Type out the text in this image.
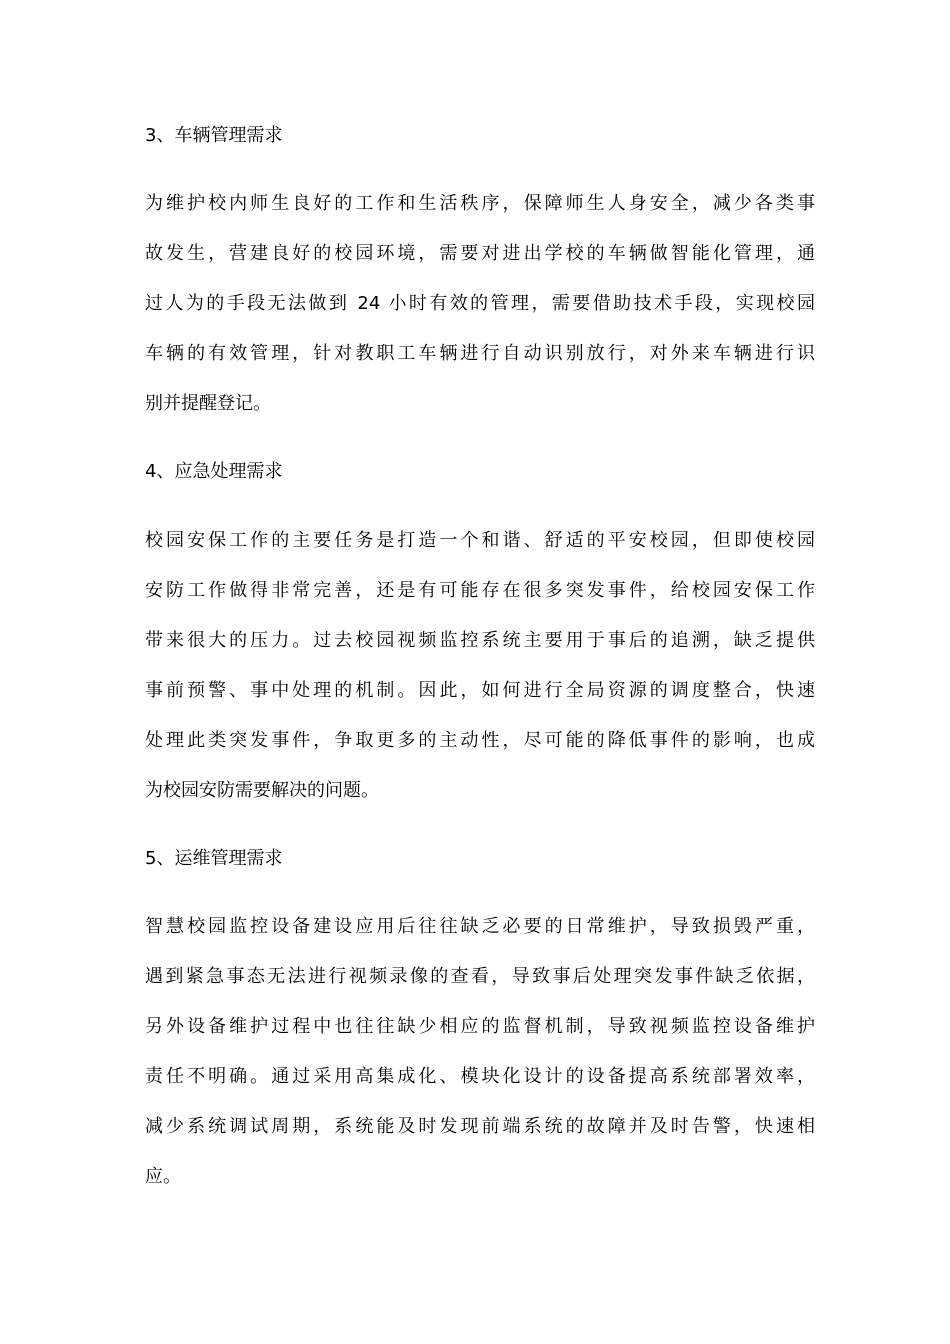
3、车辆管理需求
为维护校内师生良好的工作和生活秩序，保障师生人身安全，减少各类事
故发生，营建良好的校园环境，需要对进出学校的车辆做智能化管理，通
过人为的手段无法做到 24 小时有效的管理，需要借助技术手段，实现校园
车辆的有效管理，针对教职工车辆进行自动识别放行，对外来车辆进行识
别并提醒登记。
4、应急处理需求
校园安保工作的主要任务是打造一个和谐、舒适的平安校园，但即使校园
安防工作做得非常完善，还是有可能存在很多突发事件，给校园安保工作
带来很大的压力。过去校园视频监控系统主要用于事后的追溯，缺乏提供
事前预警、事中处理的机制。因此，如何进行全局资源的调度整合，快速
处理此类突发事件，争取更多的主动性，尽可能的降低事件的影响，也成
为校园安防需要解决的问题。
5、运维管理需求
智慧校园监控设备建设应用后往往缺乏必要的日常维护，导致损毁严重，
遇到紧急事态无法进行视频录像的查看，导致事后处理突发事件缺乏依据，
另外设备维护过程中也往往缺少相应的监督机制，导致视频监控设备维护
责任不明确。通过采用高集成化、模块化设计的设备提高系统部署效率，
减少系统调试周期，系统能及时发现前端系统的故障并及时告警，快速相
应。
